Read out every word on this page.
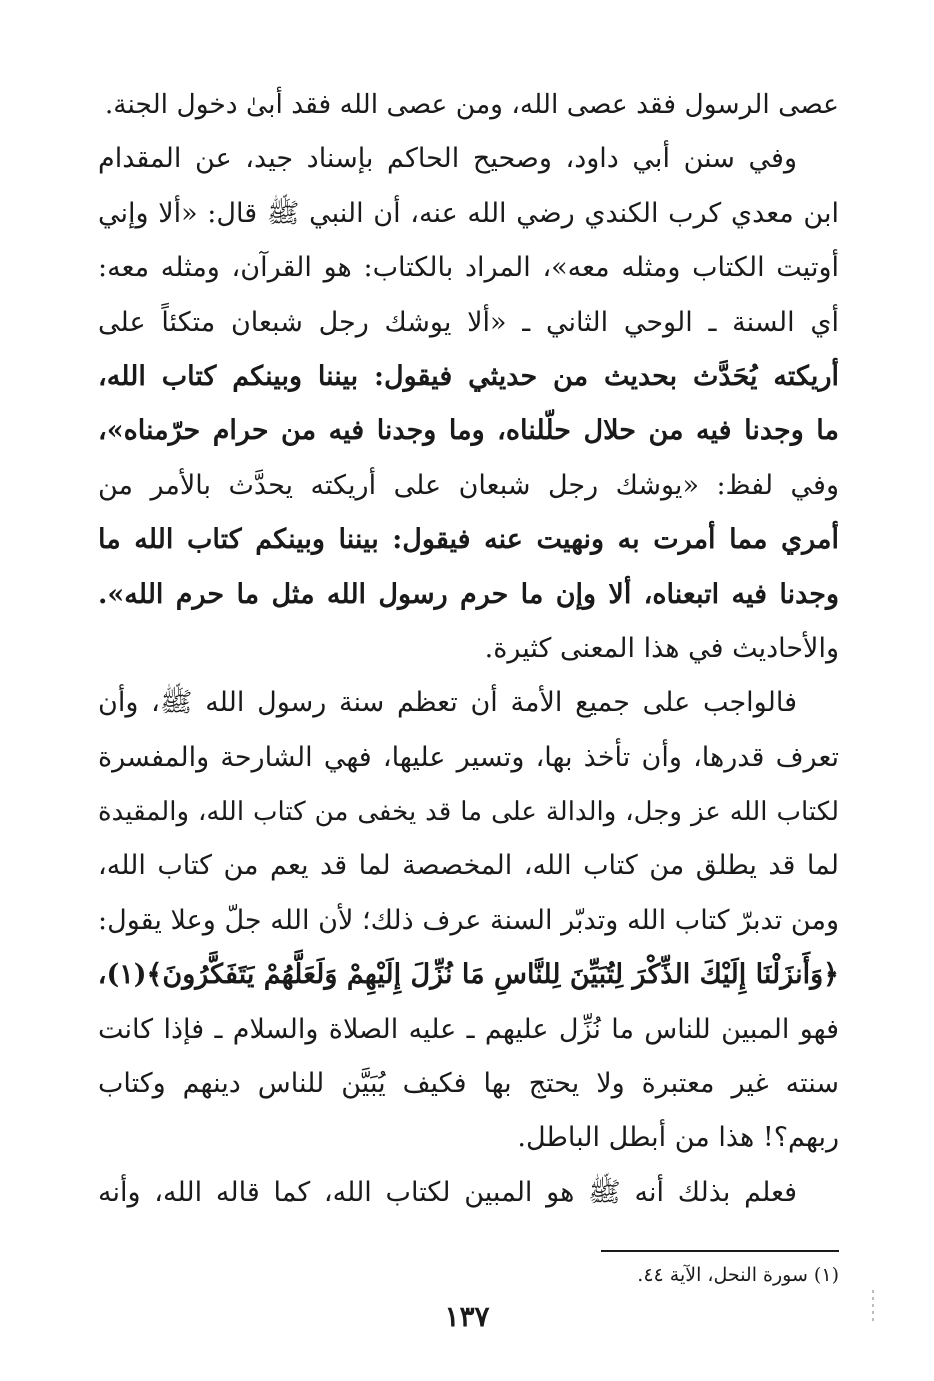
عصى الرسول فقد عصى الله، ومن عصى الله فقد أبىٰ دخول الجنة.
وفي سنن أبي داود، وصحيح الحاكم بإسناد جيد، عن المقدام
ابن معدي كرب الكندي رضي الله عنه، أن النبي ﷺ قال: «ألا وإني
أوتيت الكتاب ومثله معه»، المراد بالكتاب: هو القرآن، ومثله معه:
أي السنة ـ الوحي الثاني ـ «ألا يوشك رجل شبعان متكئاً على
أريكته يُحَدَّث بحديث من حديثي فيقول: بيننا وبينكم كتاب الله،
ما وجدنا فيه من حلال حلّلناه، وما وجدنا فيه من حرام حرّمناه»،
وفي لفظ: «يوشك رجل شبعان على أريكته يحدَّث بالأمر من
أمري مما أمرت به ونهيت عنه فيقول: بيننا وبينكم كتاب الله ما
وجدنا فيه اتبعناه، ألا وإن ما حرم رسول الله مثل ما حرم الله».
والأحاديث في هذا المعنى كثيرة.
فالواجب على جميع الأمة أن تعظم سنة رسول الله ﷺ، وأن
تعرف قدرها، وأن تأخذ بها، وتسير عليها، فهي الشارحة والمفسرة
لكتاب الله عز وجل، والدالة على ما قد يخفى من كتاب الله، والمقيدة
لما قد يطلق من كتاب الله، المخصصة لما قد يعم من كتاب الله،
ومن تدبرّ كتاب الله وتدبّر السنة عرف ذلك؛ لأن الله جلّ وعلا يقول:
﴿وَأَنزَلْنَا إِلَيْكَ الذِّكْرَ لِتُبَيِّنَ لِلنَّاسِ مَا نُزِّلَ إِلَيْهِمْ وَلَعَلَّهُمْ يَتَفَكَّرُونَ﴾(١)،
فهو المبين للناس ما نُزِّل عليهم ـ عليه الصلاة والسلام ـ فإذا كانت
سنته غير معتبرة ولا يحتج بها فكيف يُبَيَّن للناس دينهم وكتاب
ربهم؟! هذا من أبطل الباطل.
فعلم بذلك أنه ﷺ هو المبين لكتاب الله، كما قاله الله، وأنه
(١) سورة النحل، الآية ٤٤.
١٣٧
